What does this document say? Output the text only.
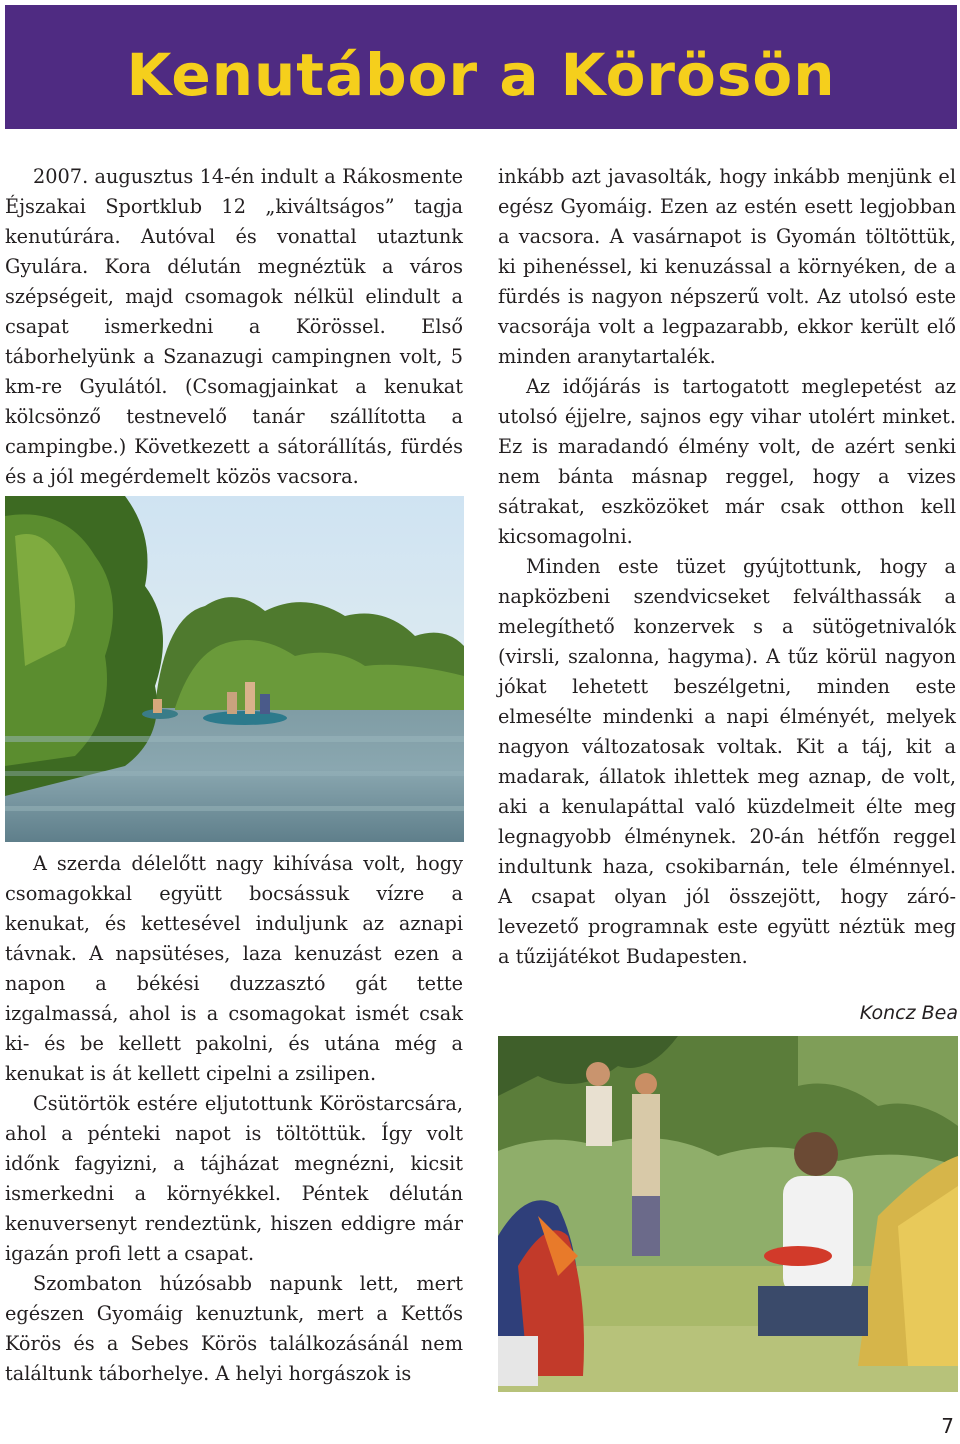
Kenutábor a Körösön

2007. augusztus 14-én indult a Rákosmente Éjszakai Sportklub 12 „kiváltságos” tagja kenutúrára. Autóval és vonattal utaztunk Gyulára. Kora délután megnéztük a város szépségeit, majd csomagok nélkül elindult a csapat ismerkedni a Körössel. Első táborhelyünk a Szanazugi campingnen volt, 5 km-re Gyulától. (Csomagjainkat a kenukat kölcsönző testnevelő tanár szállította a campingbe.) Következett a sátorállítás, fürdés és a jól megérdemelt közös vacsora.

A szerda délelőtt nagy kihívása volt, hogy csomagokkal együtt bocsássuk vízre a kenukat, és kettesével induljunk az aznapi távnak. A napsütéses, laza kenuzást ezen a napon a békési duzzasztó gát tette izgalmassá, ahol is a csomagokat ismét csak ki- és be kellett pakolni, és utána még a kenukat is át kellett cipelni a zsilipen.

Csütörtök estére eljutottunk Köröstarcsára, ahol a pénteki napot is töltöttük. Így volt időnk fagyizni, a tájházat megnézni, kicsit ismerkedni a környékkel. Péntek délután kenuversenyt rendeztünk, hiszen eddigre már igazán profi lett a csapat.

Szombaton húzósabb napunk lett, mert egészen Gyomáig kenuztunk, mert a Kettős Körös és a Sebes Körös találkozásánál nem találtunk táborhelye. A helyi horgászok is

inkább azt javasolták, hogy inkább menjünk el egész Gyomáig. Ezen az estén esett legjobban a vacsora. A vasárnapot is Gyomán töltöttük, ki pihenéssel, ki kenuzással a környéken, de a fürdés is nagyon népszerű volt. Az utolsó este vacsorája volt a legpazarabb, ekkor került elő minden aranytartalék.

Az időjárás is tartogatott meglepetést az utolsó éjjelre, sajnos egy vihar utolért minket. Ez is maradandó élmény volt, de azért senki nem bánta másnap reggel, hogy a vizes sátrakat, eszközöket már csak otthon kell kicsomagolni.

Minden este tüzet gyújtottunk, hogy a napközbeni szendvicseket felválthassák a melegíthető konzervek s a sütögetnivalók (virsli, szalonna, hagyma). A tűz körül nagyon jókat lehetett beszélgetni, minden este elmesélte mindenki a napi élményét, melyek nagyon változatosak voltak. Kit a táj, kit a madarak, állatok ihlettek meg aznap, de volt, aki a kenulapáttal való küzdelmeit élte meg legnagyobb élménynek. 20-án hétfőn reggel indultunk haza, csokibarnán, tele élménnyel. A csapat olyan jól összejött, hogy záró-levezető programnak este együtt néztük meg a tűzijátékot Budapesten.

Koncz Bea
7
